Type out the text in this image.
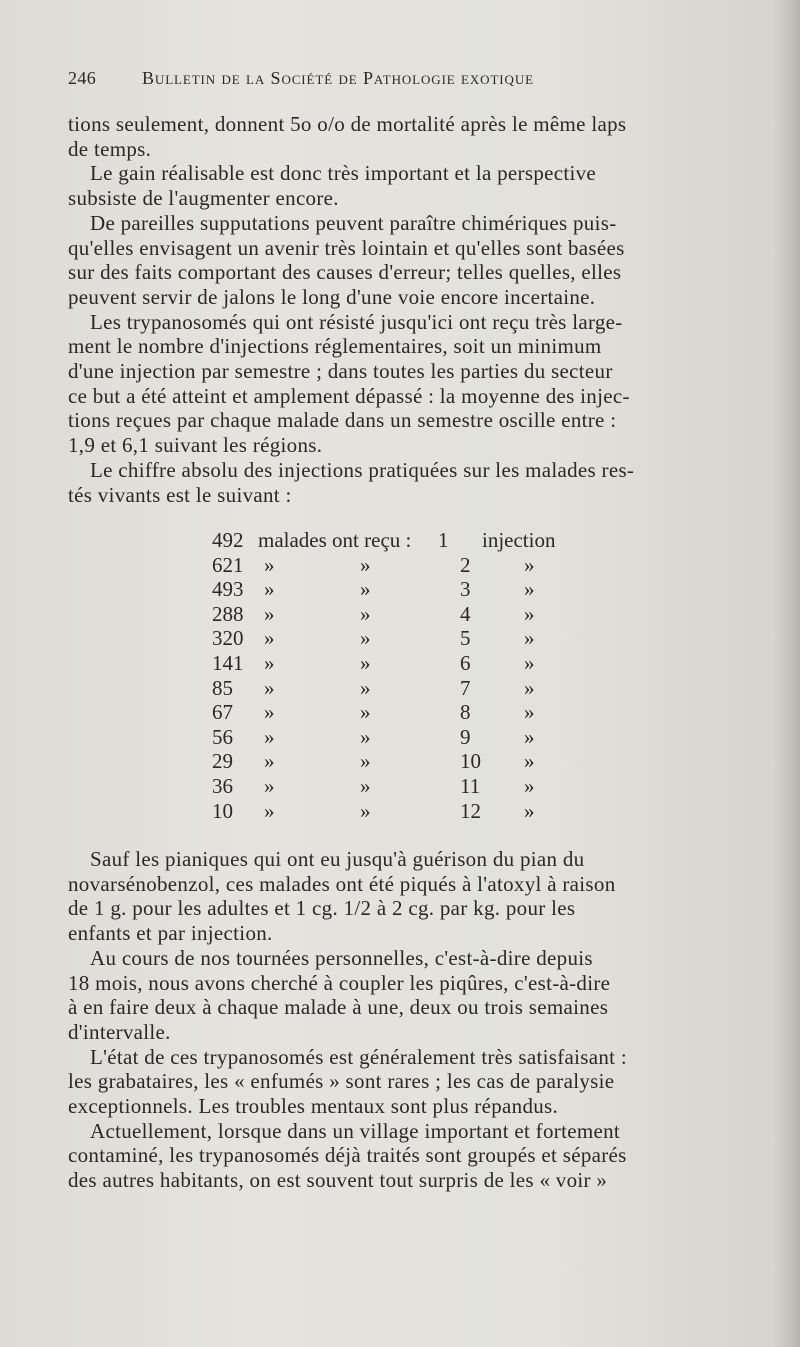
246	Bulletin de la Société de Pathologie exotique
tions seulement, donnent 5o o/o de mortalité après le même laps
de temps.
Le gain réalisable est donc très important et la perspective
subsiste de l'augmenter encore.
De pareilles supputations peuvent paraître chimériques puis-
qu'elles envisagent un avenir très lointain et qu'elles sont basées
sur des faits comportant des causes d'erreur; telles quelles, elles
peuvent servir de jalons le long d'une voie encore incertaine.
Les trypanosomés qui ont résisté jusqu'ici ont reçu très large-
ment le nombre d'injections réglementaires, soit un minimum
d'une injection par semestre ; dans toutes les parties du secteur
ce but a été atteint et amplement dépassé : la moyenne des injec-
tions reçues par chaque malade dans un semestre oscille entre :
1,9 et 6,1 suivant les régions.
Le chiffre absolu des injections pratiquées sur les malades res-
tés vivants est le suivant :
492 malades ont reçu : 1 injection
621 »	»	2	»
493 »	»	3	»
288 »	»	4	»
320 »	»	5	»
141 »	»	6	»
85 »	»	7	»
67 »	»	8	»
56 »	»	9	»
29 »	»	10 »
36 »	»	11 »
10 »	»	12 »
Sauf les pianiques qui ont eu jusqu'à guérison du pian du
novarsénobenzol, ces malades ont été piqués à l'atoxyl à raison
de 1 g. pour les adultes et 1 cg. 1/2 à 2 cg. par kg. pour les
enfants et par injection.
Au cours de nos tournées personnelles, c'est-à-dire depuis
18 mois, nous avons cherché à coupler les piqûres, c'est-à-dire
à en faire deux à chaque malade à une, deux ou trois semaines
d'intervalle.
L'état de ces trypanosomés est généralement très satisfaisant :
les grabataires, les « enfumés » sont rares ; les cas de paralysie
exceptionnels. Les troubles mentaux sont plus répandus.
Actuellement, lorsque dans un village important et fortement
contaminé, les trypanosomés déjà traités sont groupés et séparés
des autres habitants, on est souvent tout surpris de les « voir »
